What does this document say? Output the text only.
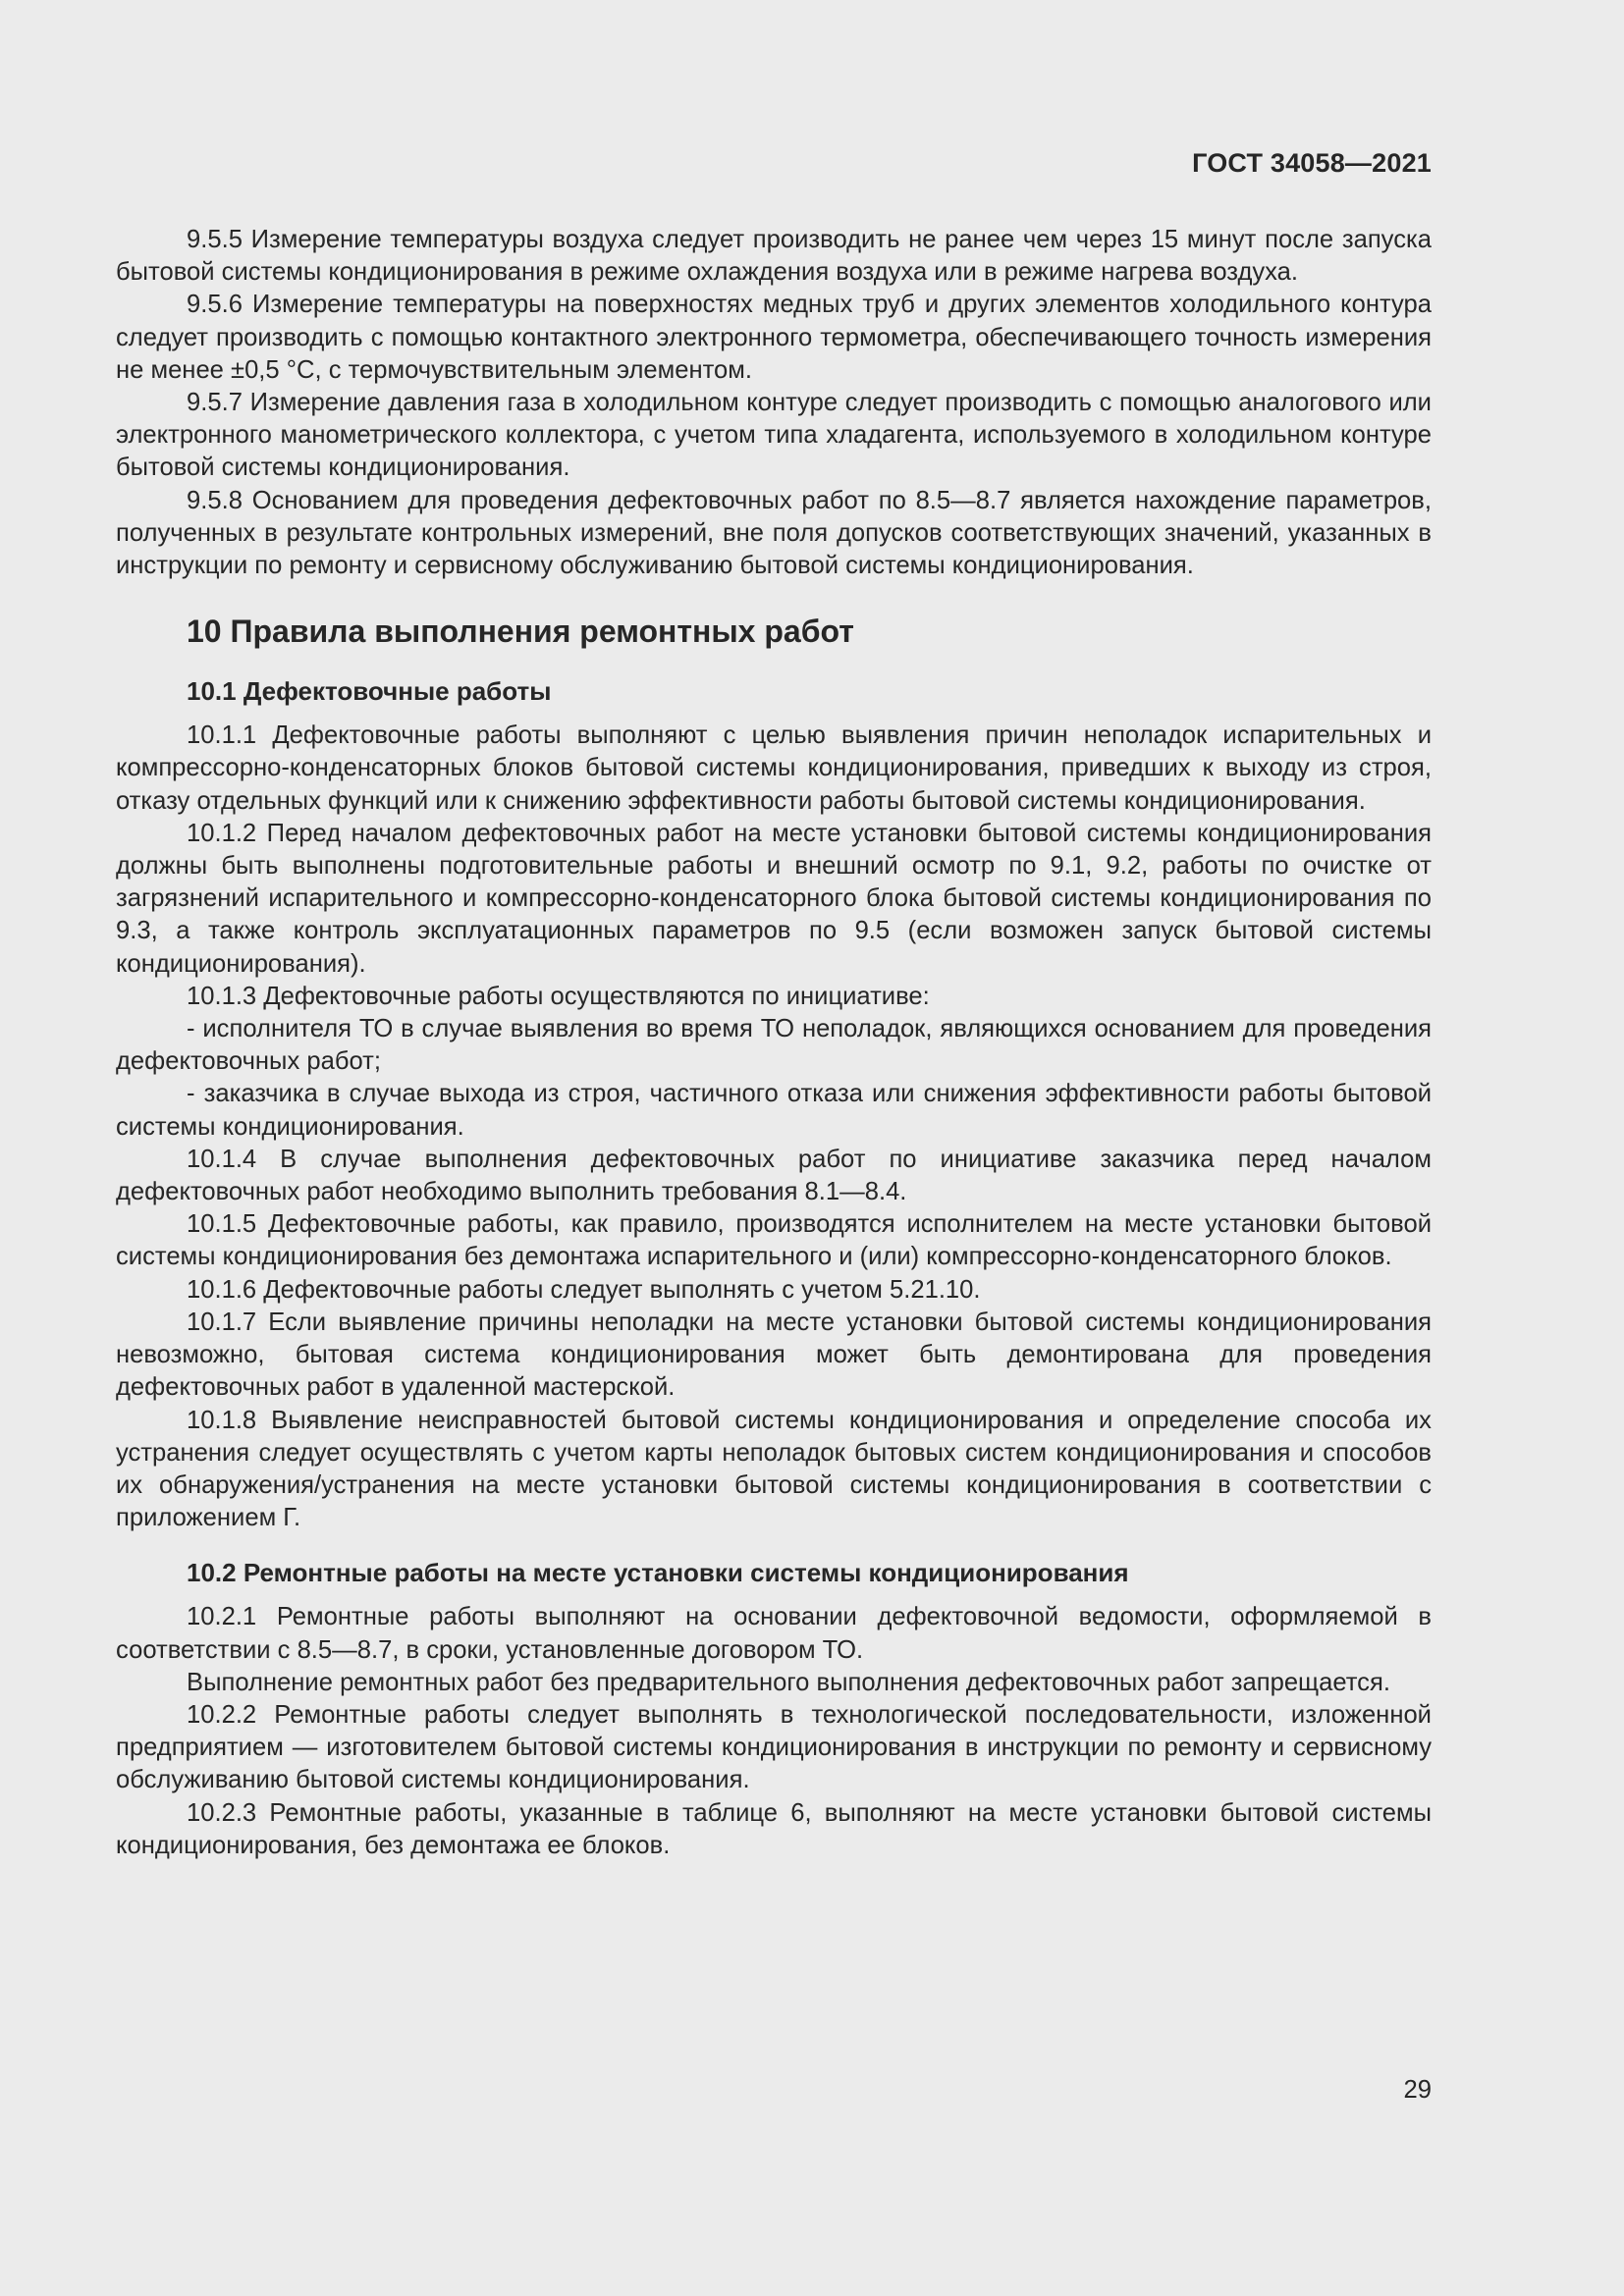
ГОСТ 34058—2021

9.5.5 Измерение температуры воздуха следует производить не ранее чем через 15 минут после запуска бытовой системы кондиционирования в режиме охлаждения воздуха или в режиме нагрева воздуха.

9.5.6 Измерение температуры на поверхностях медных труб и других элементов холодильного контура следует производить с помощью контактного электронного термометра, обеспечивающего точность измерения не менее ±0,5 °С, с термочувствительным элементом.

9.5.7 Измерение давления газа в холодильном контуре следует производить с помощью аналогового или электронного манометрического коллектора, с учетом типа хладагента, используемого в холодильном контуре бытовой системы кондиционирования.

9.5.8 Основанием для проведения дефектовочных работ по 8.5—8.7 является нахождение параметров, полученных в результате контрольных измерений, вне поля допусков соответствующих значений, указанных в инструкции по ремонту и сервисному обслуживанию бытовой системы кондиционирования.

10 Правила выполнения ремонтных работ
10.1 Дефектовочные работы

10.1.1 Дефектовочные работы выполняют с целью выявления причин неполадок испарительных и компрессорно-конденсаторных блоков бытовой системы кондиционирования, приведших к выходу из строя, отказу отдельных функций или к снижению эффективности работы бытовой системы кондиционирования.

10.1.2 Перед началом дефектовочных работ на месте установки бытовой системы кондиционирования должны быть выполнены подготовительные работы и внешний осмотр по 9.1, 9.2, работы по очистке от загрязнений испарительного и компрессорно-конденсаторного блока бытовой системы кондиционирования по 9.3, а также контроль эксплуатационных параметров по 9.5 (если возможен запуск бытовой системы кондиционирования).

10.1.3 Дефектовочные работы осуществляются по инициативе:

- исполнителя ТО в случае выявления во время ТО неполадок, являющихся основанием для проведения дефектовочных работ;

- заказчика в случае выхода из строя, частичного отказа или снижения эффективности работы бытовой системы кондиционирования.

10.1.4 В случае выполнения дефектовочных работ по инициативе заказчика перед началом дефектовочных работ необходимо выполнить требования 8.1—8.4.

10.1.5 Дефектовочные работы, как правило, производятся исполнителем на месте установки бытовой системы кондиционирования без демонтажа испарительного и (или) компрессорно-конденсаторного блоков.

10.1.6 Дефектовочные работы следует выполнять с учетом 5.21.10.

10.1.7 Если выявление причины неполадки на месте установки бытовой системы кондиционирования невозможно, бытовая система кондиционирования может быть демонтирована для проведения дефектовочных работ в удаленной мастерской.

10.1.8 Выявление неисправностей бытовой системы кондиционирования и определение способа их устранения следует осуществлять с учетом карты неполадок бытовых систем кондиционирования и способов их обнаружения/устранения на месте установки бытовой системы кондиционирования в соответствии с приложением Г.

10.2 Ремонтные работы на месте установки системы кондиционирования

10.2.1 Ремонтные работы выполняют на основании дефектовочной ведомости, оформляемой в соответствии с 8.5—8.7, в сроки, установленные договором ТО.

Выполнение ремонтных работ без предварительного выполнения дефектовочных работ запрещается.

10.2.2 Ремонтные работы следует выполнять в технологической последовательности, изложенной предприятием — изготовителем бытовой системы кондиционирования в инструкции по ремонту и сервисному обслуживанию бытовой системы кондиционирования.

10.2.3 Ремонтные работы, указанные в таблице 6, выполняют на месте установки бытовой системы кондиционирования, без демонтажа ее блоков.

29
